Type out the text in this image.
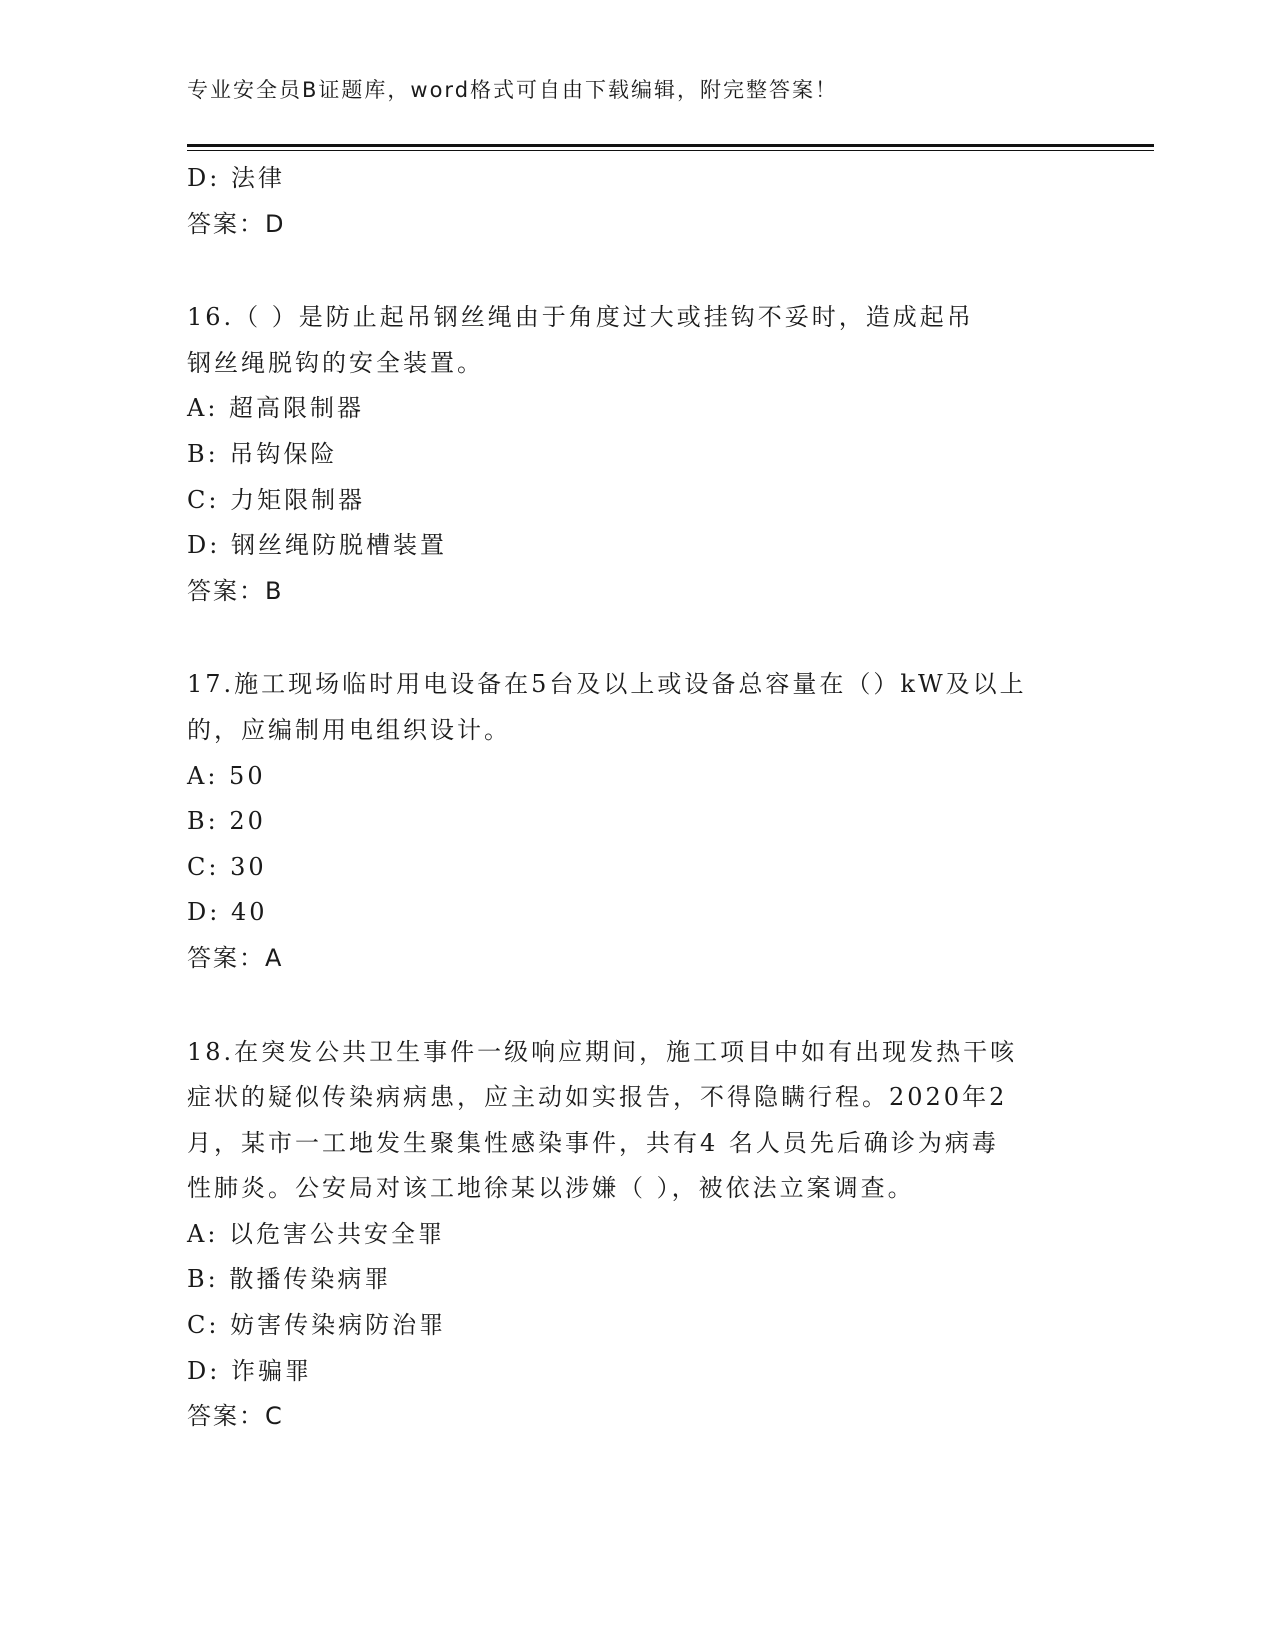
专业安全员B证题库，word格式可自由下载编辑，附完整答案！
D: 法律
答案：D
16.（ ）是防止起吊钢丝绳由于角度过大或挂钩不妥时，造成起吊
钢丝绳脱钩的安全装置。
A: 超高限制器
B: 吊钩保险
C: 力矩限制器
D: 钢丝绳防脱槽装置
答案：B
17.施工现场临时用电设备在5台及以上或设备总容量在（）kW及以上
的，应编制用电组织设计。
A: 50
B: 20
C: 30
D: 40
答案：A
18.在突发公共卫生事件一级响应期间，施工项目中如有出现发热干咳
症状的疑似传染病病患，应主动如实报告，不得隐瞒行程。2020年2
月，某市一工地发生聚集性感染事件，共有4 名人员先后确诊为病毒
性肺炎。公安局对该工地徐某以涉嫌（ ），被依法立案调查。
A: 以危害公共安全罪
B: 散播传染病罪
C: 妨害传染病防治罪
D: 诈骗罪
答案：C
